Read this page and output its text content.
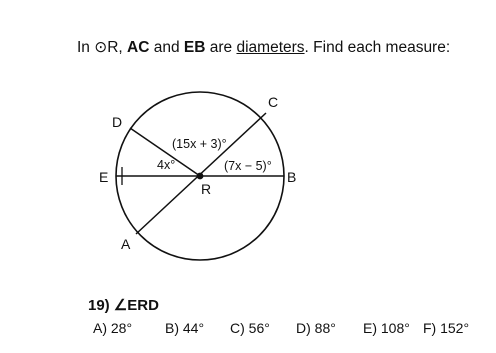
In ⊙R, AC and EB are diameters. Find each measure:
D
C
E	B
A
R
(15x + 3)°
4x°	(7x − 5)°
19) ∠ERD
A) 28° B) 44° C) 56° D) 88° E) 108° F) 152°
